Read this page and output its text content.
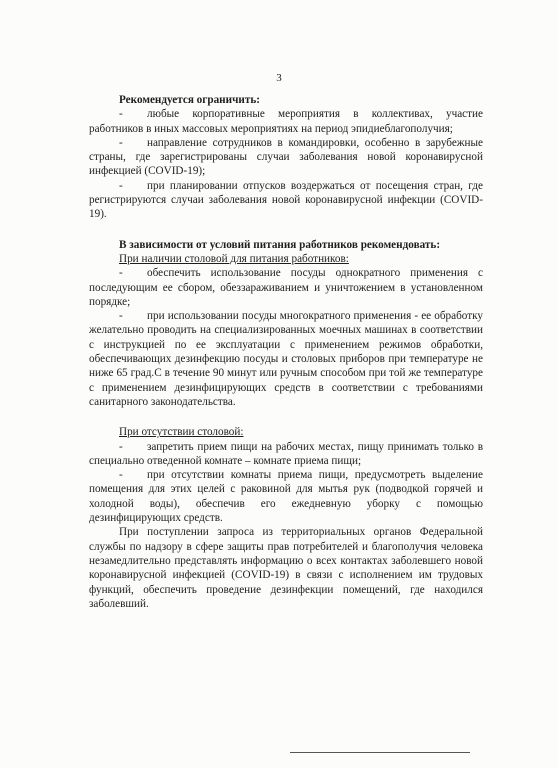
3

Рекомендуется ограничить:

- любые корпоративные мероприятия в коллективах, участие работников в иных массовых мероприятиях на период эпидиеблагополучия;

- направление сотрудников в командировки, особенно в зарубежные страны, где зарегистрированы случаи заболевания новой коронавирусной инфекцией (COVID-19);

- при планировании отпусков воздержаться от посещения стран, где регистрируются случаи заболевания новой коронавирусной инфекции (COVID-19).

В зависимости от условий питания работников рекомендовать:

При наличии столовой для питания работников:

- обеспечить использование посуды однократного применения с последующим ее сбором, обеззараживанием и уничтожением в установленном порядке;

- при использовании посуды многократного применения - ее обработку желательно проводить на специализированных моечных машинах в соответствии с инструкцией по ее эксплуатации с применением режимов обработки, обеспечивающих дезинфекцию посуды и столовых приборов при температуре не ниже 65 град.С в течение 90 минут или ручным способом при той же температуре с применением дезинфицирующих средств в соответствии с требованиями санитарного законодательства.

При отсутствии столовой:

- запретить прием пищи на рабочих местах, пищу принимать только в специально отведенной комнате – комнате приема пищи;

- при отсутствии комнаты приема пищи, предусмотреть выделение помещения для этих целей с раковиной для мытья рук (подводкой горячей и холодной воды), обеспечив его ежедневную уборку с помощью дезинфицирующих средств.

При поступлении запроса из территориальных органов Федеральной службы по надзору в сфере защиты прав потребителей и благополучия человека незамедлительно представлять информацию о всех контактах заболевшего новой коронавирусной инфекцией (COVID-19) в связи с исполнением им трудовых функций, обеспечить проведение дезинфекции помещений, где находился заболевший.
